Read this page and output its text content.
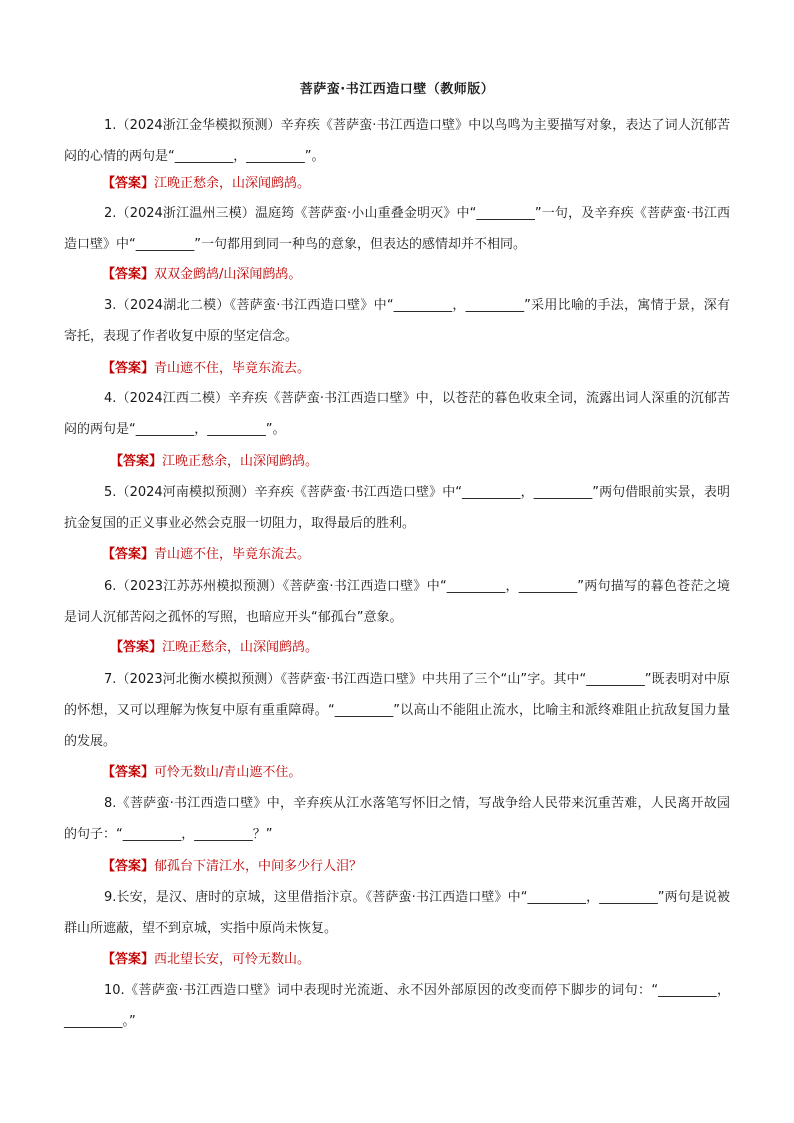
菩萨蛮·书江西造口壁（教师版）
1.（2024浙江金华模拟预测）辛弃疾《菩萨蛮·书江西造口壁》中以鸟鸣为主要描写对象，表达了词人沉郁苦闷的心情的两句是“_________，_________”。
【答案】江晚正愁余，山深闻鹧鸪。
2.（2024浙江温州三模）温庭筠《菩萨蛮·小山重叠金明灭》中“_________”一句，及辛弃疾《菩萨蛮·书江西造口壁》中“_________”一句都用到同一种鸟的意象，但表达的感情却并不相同。
【答案】双双金鹧鸪/山深闻鹧鸪。
3.（2024湖北二模）《菩萨蛮·书江西造口壁》中“_________，_________”采用比喻的手法，寓情于景，深有寄托，表现了作者收复中原的坚定信念。
【答案】青山遮不住，毕竟东流去。
4.（2024江西二模）辛弃疾《菩萨蛮·书江西造口壁》中，以苍茫的暮色收束全词，流露出词人深重的沉郁苦闷的两句是“_________，_________”。
【答案】江晚正愁余，山深闻鹧鸪。
5.（2024河南模拟预测）辛弃疾《菩萨蛮·书江西造口壁》中“_________，_________”两句借眼前实景，表明抗金复国的正义事业必然会克服一切阻力，取得最后的胜利。
【答案】青山遮不住，毕竟东流去。
6.（2023江苏苏州模拟预测）《菩萨蛮·书江西造口壁》中“_________，_________”两句描写的暮色苍茫之境是词人沉郁苦闷之孤怀的写照，也暗应开头“郁孤台”意象。
【答案】江晚正愁余，山深闻鹧鸪。
7.（2023河北衡水模拟预测）《菩萨蛮·书江西造口壁》中共用了三个“山”字。其中“_________”既表明对中原的怀想，又可以理解为恢复中原有重重障碍。“_________”以高山不能阻止流水，比喻主和派终难阻止抗敌复国力量的发展。
【答案】可怜无数山/青山遮不住。
8.《菩萨蛮·书江西造口壁》中，辛弃疾从江水落笔写怀旧之情，写战争给人民带来沉重苦难，人民离开故园的句子：“_________，_________？”
【答案】郁孤台下清江水，中间多少行人泪？
9.长安，是汉、唐时的京城，这里借指汴京。《菩萨蛮·书江西造口壁》中“_________，_________”两句是说被群山所遮蔽，望不到京城，实指中原尚未恢复。
【答案】西北望长安，可怜无数山。
10.《菩萨蛮·书江西造口壁》词中表现时光流逝、永不因外部原因的改变而停下脚步的词句：“_________，_________。”
